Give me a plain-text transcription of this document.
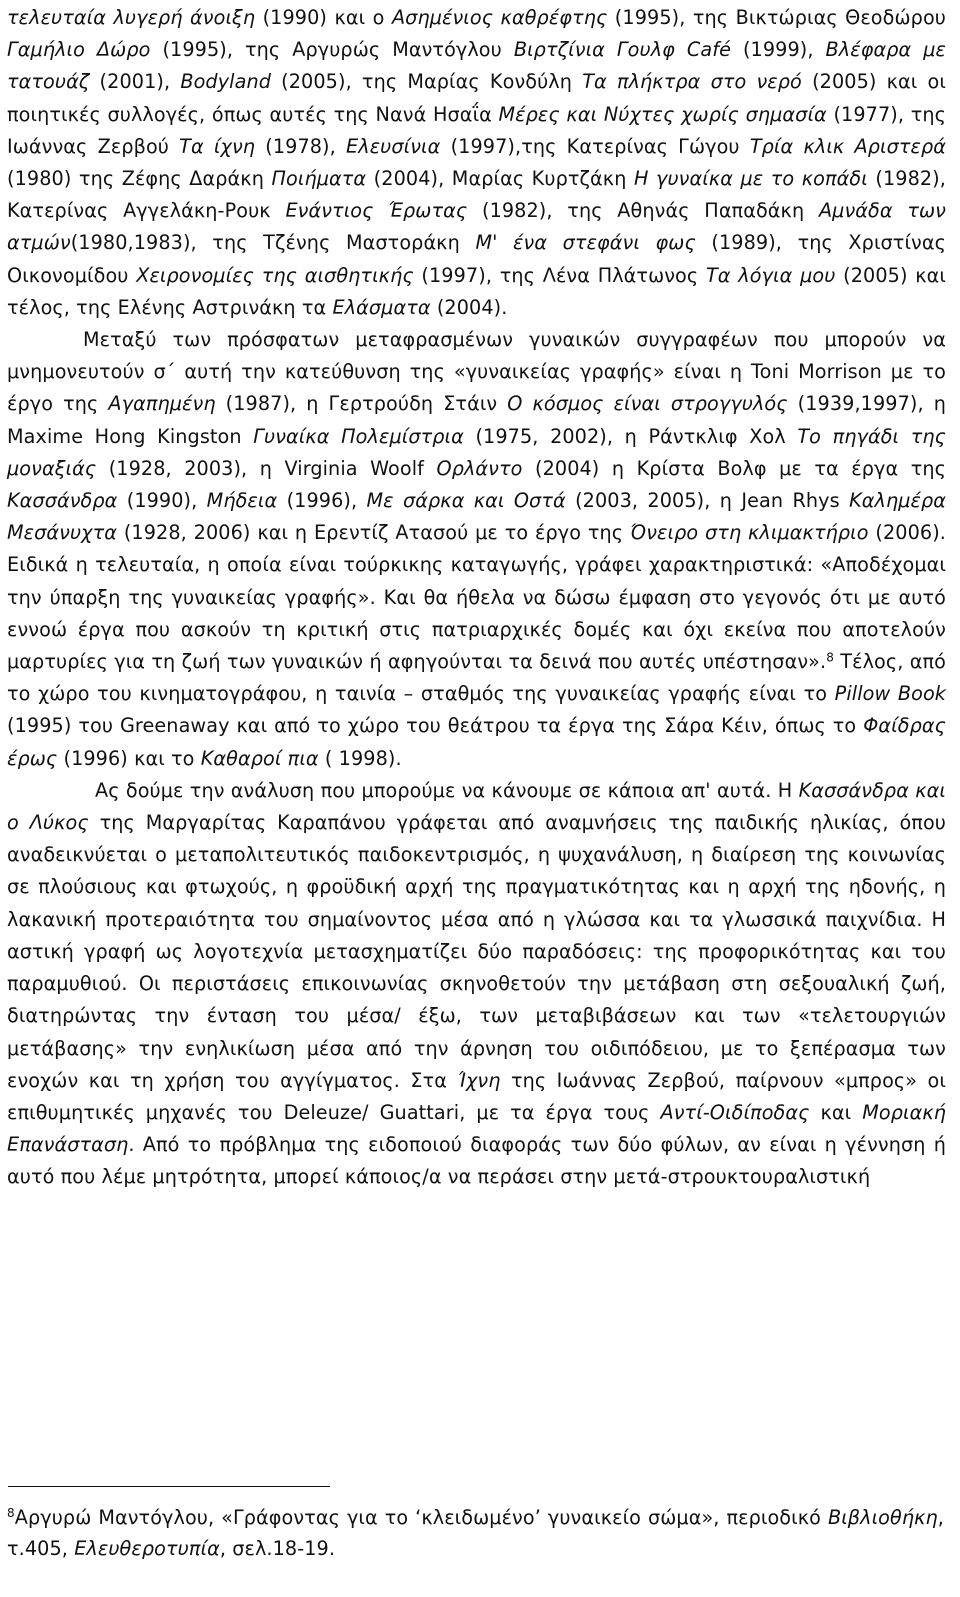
τελευταία λυγερή άνοιξη (1990) και ο Ασημένιος καθρέφτης (1995), της Βικτώριας Θεοδώρου Γαμήλιο Δώρο (1995), της Αργυρώς Μαντόγλου Βιρτζίνια Γουλφ Café (1999), Βλέφαρα με τατουάζ (2001), Bodyland (2005), της Μαρίας Κονδύλη Τα πλήκτρα στο νερό (2005) και οι ποιητικές συλλογές, όπως αυτές της Νανά Ησαΐα Μέρες και Νύχτες χωρίς σημασία (1977), της Ιωάννας Ζερβού Τα ίχνη (1978), Ελευσίνια (1997),της Κατερίνας Γώγου Τρία κλικ Αριστερά (1980) της Ζέφης Δαράκη Ποιήματα (2004), Μαρίας Κυρτζάκη Η γυναίκα με το κοπάδι (1982), Κατερίνας Αγγελάκη-Ρουκ Ενάντιος Έρωτας (1982), της Αθηνάς Παπαδάκη Αμνάδα των ατμών(1980,1983), της Τζένης Μαστοράκη Μ' ένα στεφάνι φως (1989), της Χριστίνας Οικονομίδου Χειρονομίες της αισθητικής (1997), της Λένα Πλάτωνος Τα λόγια μου (2005) και τέλος, της Ελένης Αστρινάκη τα Ελάσματα (2004).

Μεταξύ των πρόσφατων μεταφρασμένων γυναικών συγγραφέων που μπορούν να μνημονευτούν σ΄ αυτή την κατεύθυνση της «γυναικείας γραφής» είναι η Toni Morrison με το έργο της Αγαπημένη (1987), η Γερτρούδη Στάιν Ο κόσμος είναι στρογγυλός (1939,1997), η Maxime Hong Kingston Γυναίκα Πολεμίστρια (1975, 2002), η Ράντκλιφ Χολ Το πηγάδι της μοναξιάς (1928, 2003), η Virginia Woolf Ορλάντο (2004) η Κρίστα Βολφ με τα έργα της Κασσάνδρα (1990), Μήδεια (1996), Με σάρκα και Οστά (2003, 2005), η Jean Rhys Καλημέρα Μεσάνυχτα (1928, 2006) και η Ερεντίζ Ατασού με το έργο της Όνειρο στη κλιμακτήριο (2006). Ειδικά η τελευταία, η οποία είναι τούρκικης καταγωγής, γράφει χαρακτηριστικά: «Αποδέχομαι την ύπαρξη της γυναικείας γραφής». Και θα ήθελα να δώσω έμφαση στο γεγονός ότι με αυτό εννοώ έργα που ασκούν τη κριτική στις πατριαρχικές δομές και όχι εκείνα που αποτελούν μαρτυρίες για τη ζωή των γυναικών ή αφηγούνται τα δεινά που αυτές υπέστησαν».$^8$ Τέλος, από το χώρο του κινηματογράφου, η ταινία – σταθμός της γυναικείας γραφής είναι το Pillow Book (1995) του Greenaway και από το χώρο του θεάτρου τα έργα της Σάρα Κέιν, όπως το Φαίδρας έρως (1996) και το Καθαροί πια ( 1998).

Ας δούμε την ανάλυση που μπορούμε να κάνουμε σε κάποια απ' αυτά. Η Κασσάνδρα και ο Λύκος της Μαργαρίτας Καραπάνου γράφεται από αναμνήσεις της παιδικής ηλικίας, όπου αναδεικνύεται ο μεταπολιτευτικός παιδοκεντρισμός, η ψυχανάλυση, η διαίρεση της κοινωνίας σε πλούσιους και φτωχούς, η φροϋδική αρχή της πραγματικότητας και η αρχή της ηδονής, η λακανική προτεραιότητα του σημαίνοντος μέσα από η γλώσσα και τα γλωσσικά παιχνίδια. Η αστική γραφή ως λογοτεχνία μετασχηματίζει δύο παραδόσεις: της προφορικότητας και του παραμυθιού. Οι περιστάσεις επικοινωνίας σκηνοθετούν την μετάβαση στη σεξουαλική ζωή, διατηρώντας την ένταση του μέσα/ έξω, των μεταβιβάσεων και των «τελετουργιών μετάβασης» την ενηλικίωση μέσα από την άρνηση του οιδιπόδειου, με το ξεπέρασμα των ενοχών και τη χρήση του αγγίγματος. Στα Ίχνη της Ιωάννας Ζερβού, παίρνουν «μπρος» οι επιθυμητικές μηχανές του Deleuze/ Guattari, με τα έργα τους Αντί-Οιδίποδας και Μοριακή Επανάσταση. Από το πρόβλημα της ειδοποιού διαφοράς των δύο φύλων, αν είναι η γέννηση ή αυτό που λέμε μητρότητα, μπορεί κάποιος/α να περάσει στην μετά-στρουκτουραλιστική

$^8$Αργυρώ Μαντόγλου, «Γράφοντας για το ‘κλειδωμένο’ γυναικείο σώμα», περιοδικό Βιβλιοθήκη, τ.405, Ελευθεροτυπία, σελ.18-19.
